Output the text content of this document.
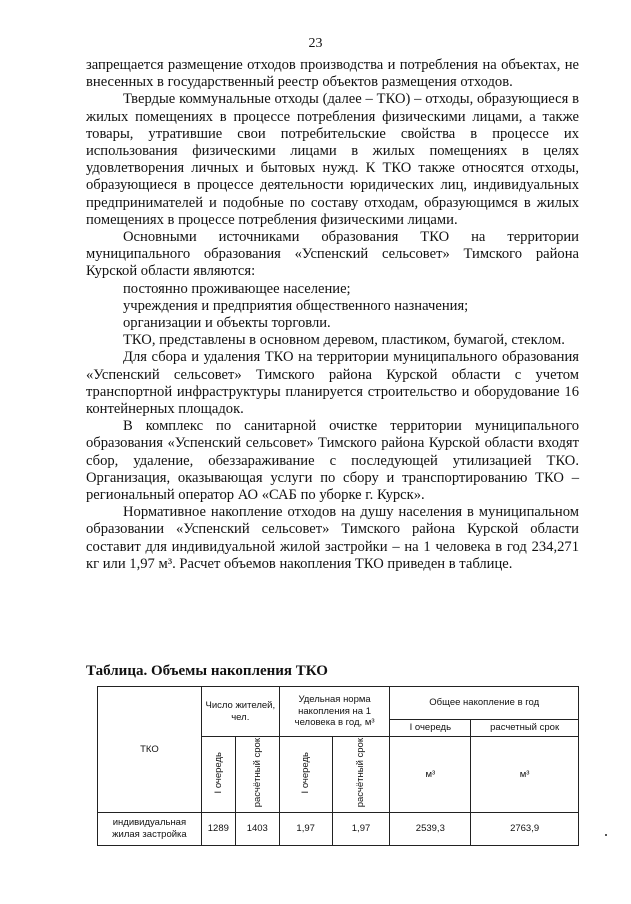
23

запрещается размещение отходов производства и потребления на объектах, не внесенных в государственный реестр объектов размещения отходов.

Твердые коммунальные отходы (далее – ТКО) – отходы, образующиеся в жилых помещениях в процессе потребления физическими лицами, а также товары, утратившие свои потребительские свойства в процессе их использования физическими лицами в жилых помещениях в целях удовлетворения личных и бытовых нужд. К ТКО также относятся отходы, образующиеся в процессе деятельности юридических лиц, индивидуальных предпринимателей и подобные по составу отходам, образующимся в жилых помещениях в процессе потребления физическими лицами.

Основными источниками образования ТКО на территории муниципального образования «Успенский сельсовет» Тимского района Курской области являются:

постоянно проживающее население;

учреждения и предприятия общественного назначения;

организации и объекты торговли.

ТКО, представлены в основном деревом, пластиком, бумагой, стеклом.

Для сбора и удаления ТКО на территории муниципального образования «Успенский сельсовет» Тимского района Курской области с учетом транспортной инфраструктуры планируется строительство и оборудование 16 контейнерных площадок.

В комплекс по санитарной очистке территории муниципального образования «Успенский сельсовет» Тимского района Курской области входят сбор, удаление, обеззараживание с последующей утилизацией ТКО. Организация, оказывающая услуги по сбору и транспортированию ТКО – региональный оператор АО «САБ по уборке г. Курск».

Нормативное накопление отходов на душу населения в муниципальном образовании «Успенский сельсовет» Тимского района Курской области составит для индивидуальной жилой застройки – на 1 человека в год 234,271 кг или 1,97 м³. Расчет объемов накопления ТКО приведен в таблице.

Таблица. Объемы накопления ТКО
ТКО	Число жителей, чел.		Удельная норма накопления на 1 человека в год, м³		Общее накопление в год	
					I очередь	расчетный срок
	I очередь	расчётный срок	I очередь	расчётный срок	м³	м³
индивидуальная жилая застройка	1289	1403	1,97	1,97	2539,3	2763,9
